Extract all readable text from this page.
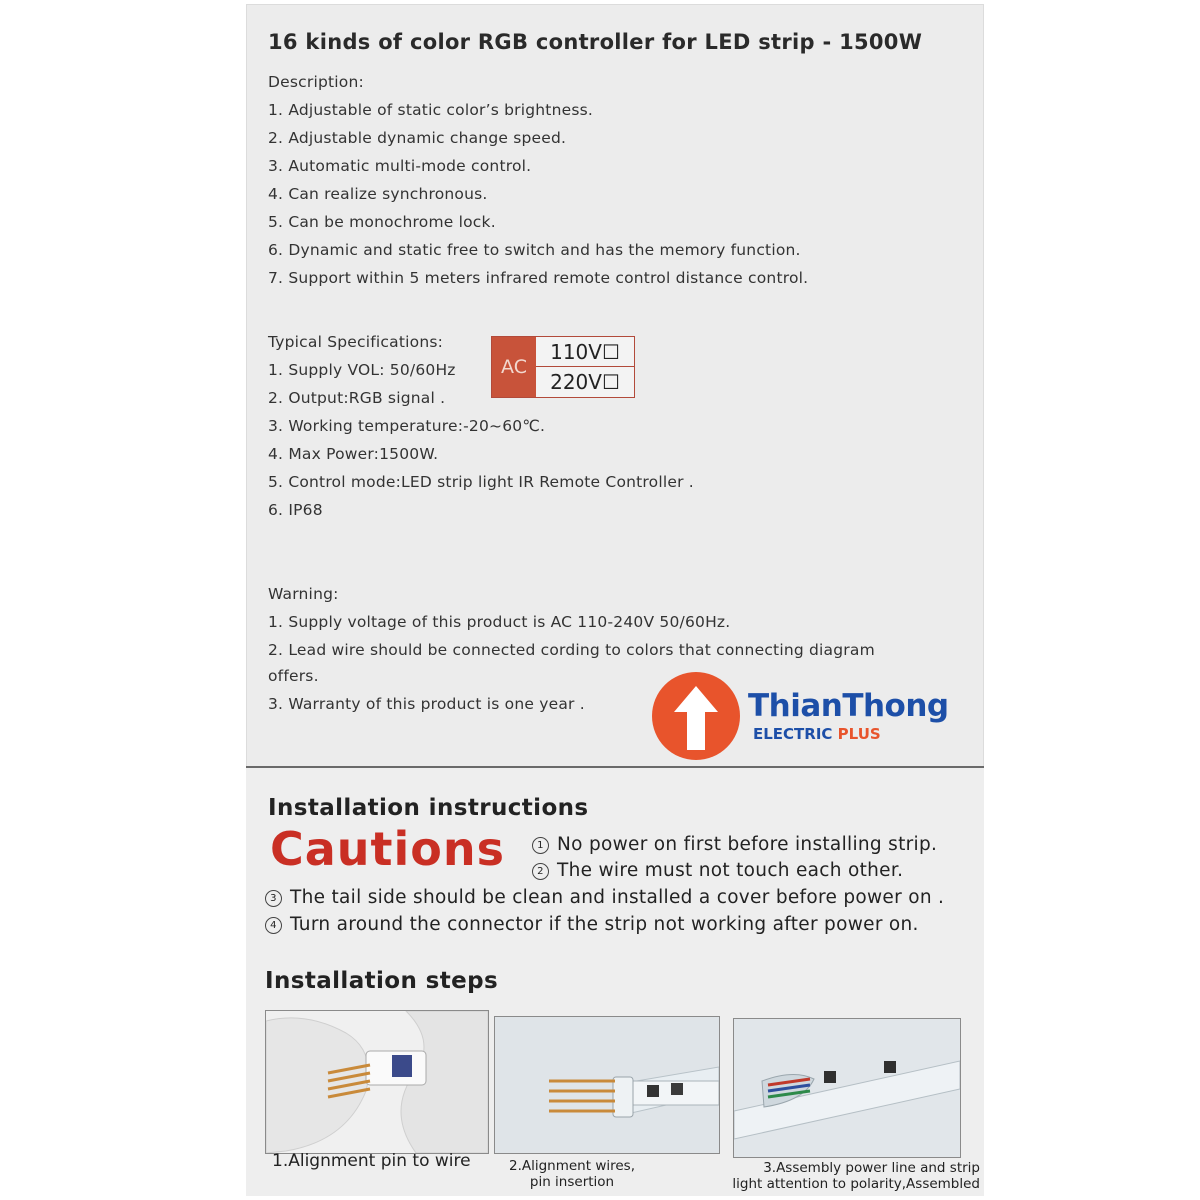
16 kinds of color RGB controller for LED strip - 1500W
Description:
1. Adjustable of static color’s brightness.
2. Adjustable dynamic change speed.
3. Automatic multi-mode control.
4. Can realize synchronous.
5. Can be monochrome lock.
6. Dynamic and static free to switch and has the memory function.
7. Support within 5 meters infrared remote control distance control.
Typical Specifications:
1. Supply VOL: 50/60Hz
2. Output:RGB signal .
3. Working temperature:-20~60℃.
4. Max Power:1500W.
5. Control mode:LED strip light IR Remote Controller .
6. IP68
AC
110V☐
220V☐
Warning:
1. Supply voltage of this product is AC 110-240V 50/60Hz.
2. Lead wire should be connected cording to colors that connecting diagram
offers.
3. Warranty of this product is one year .	ThianThong
ELECTRIC PLUS
Installation instructions
Cautions	1 No power on first before installing strip.
2 The wire must not touch each other.
3 The tail side should be clean and installed a cover before power on .
4 Turn around the connector if the strip not working after power on.
Installation steps
1.Alignment pin to wire	2.Alignment wires,
pin insertion
3.Assembly power line and strip
light attention to polarity,Assembled
